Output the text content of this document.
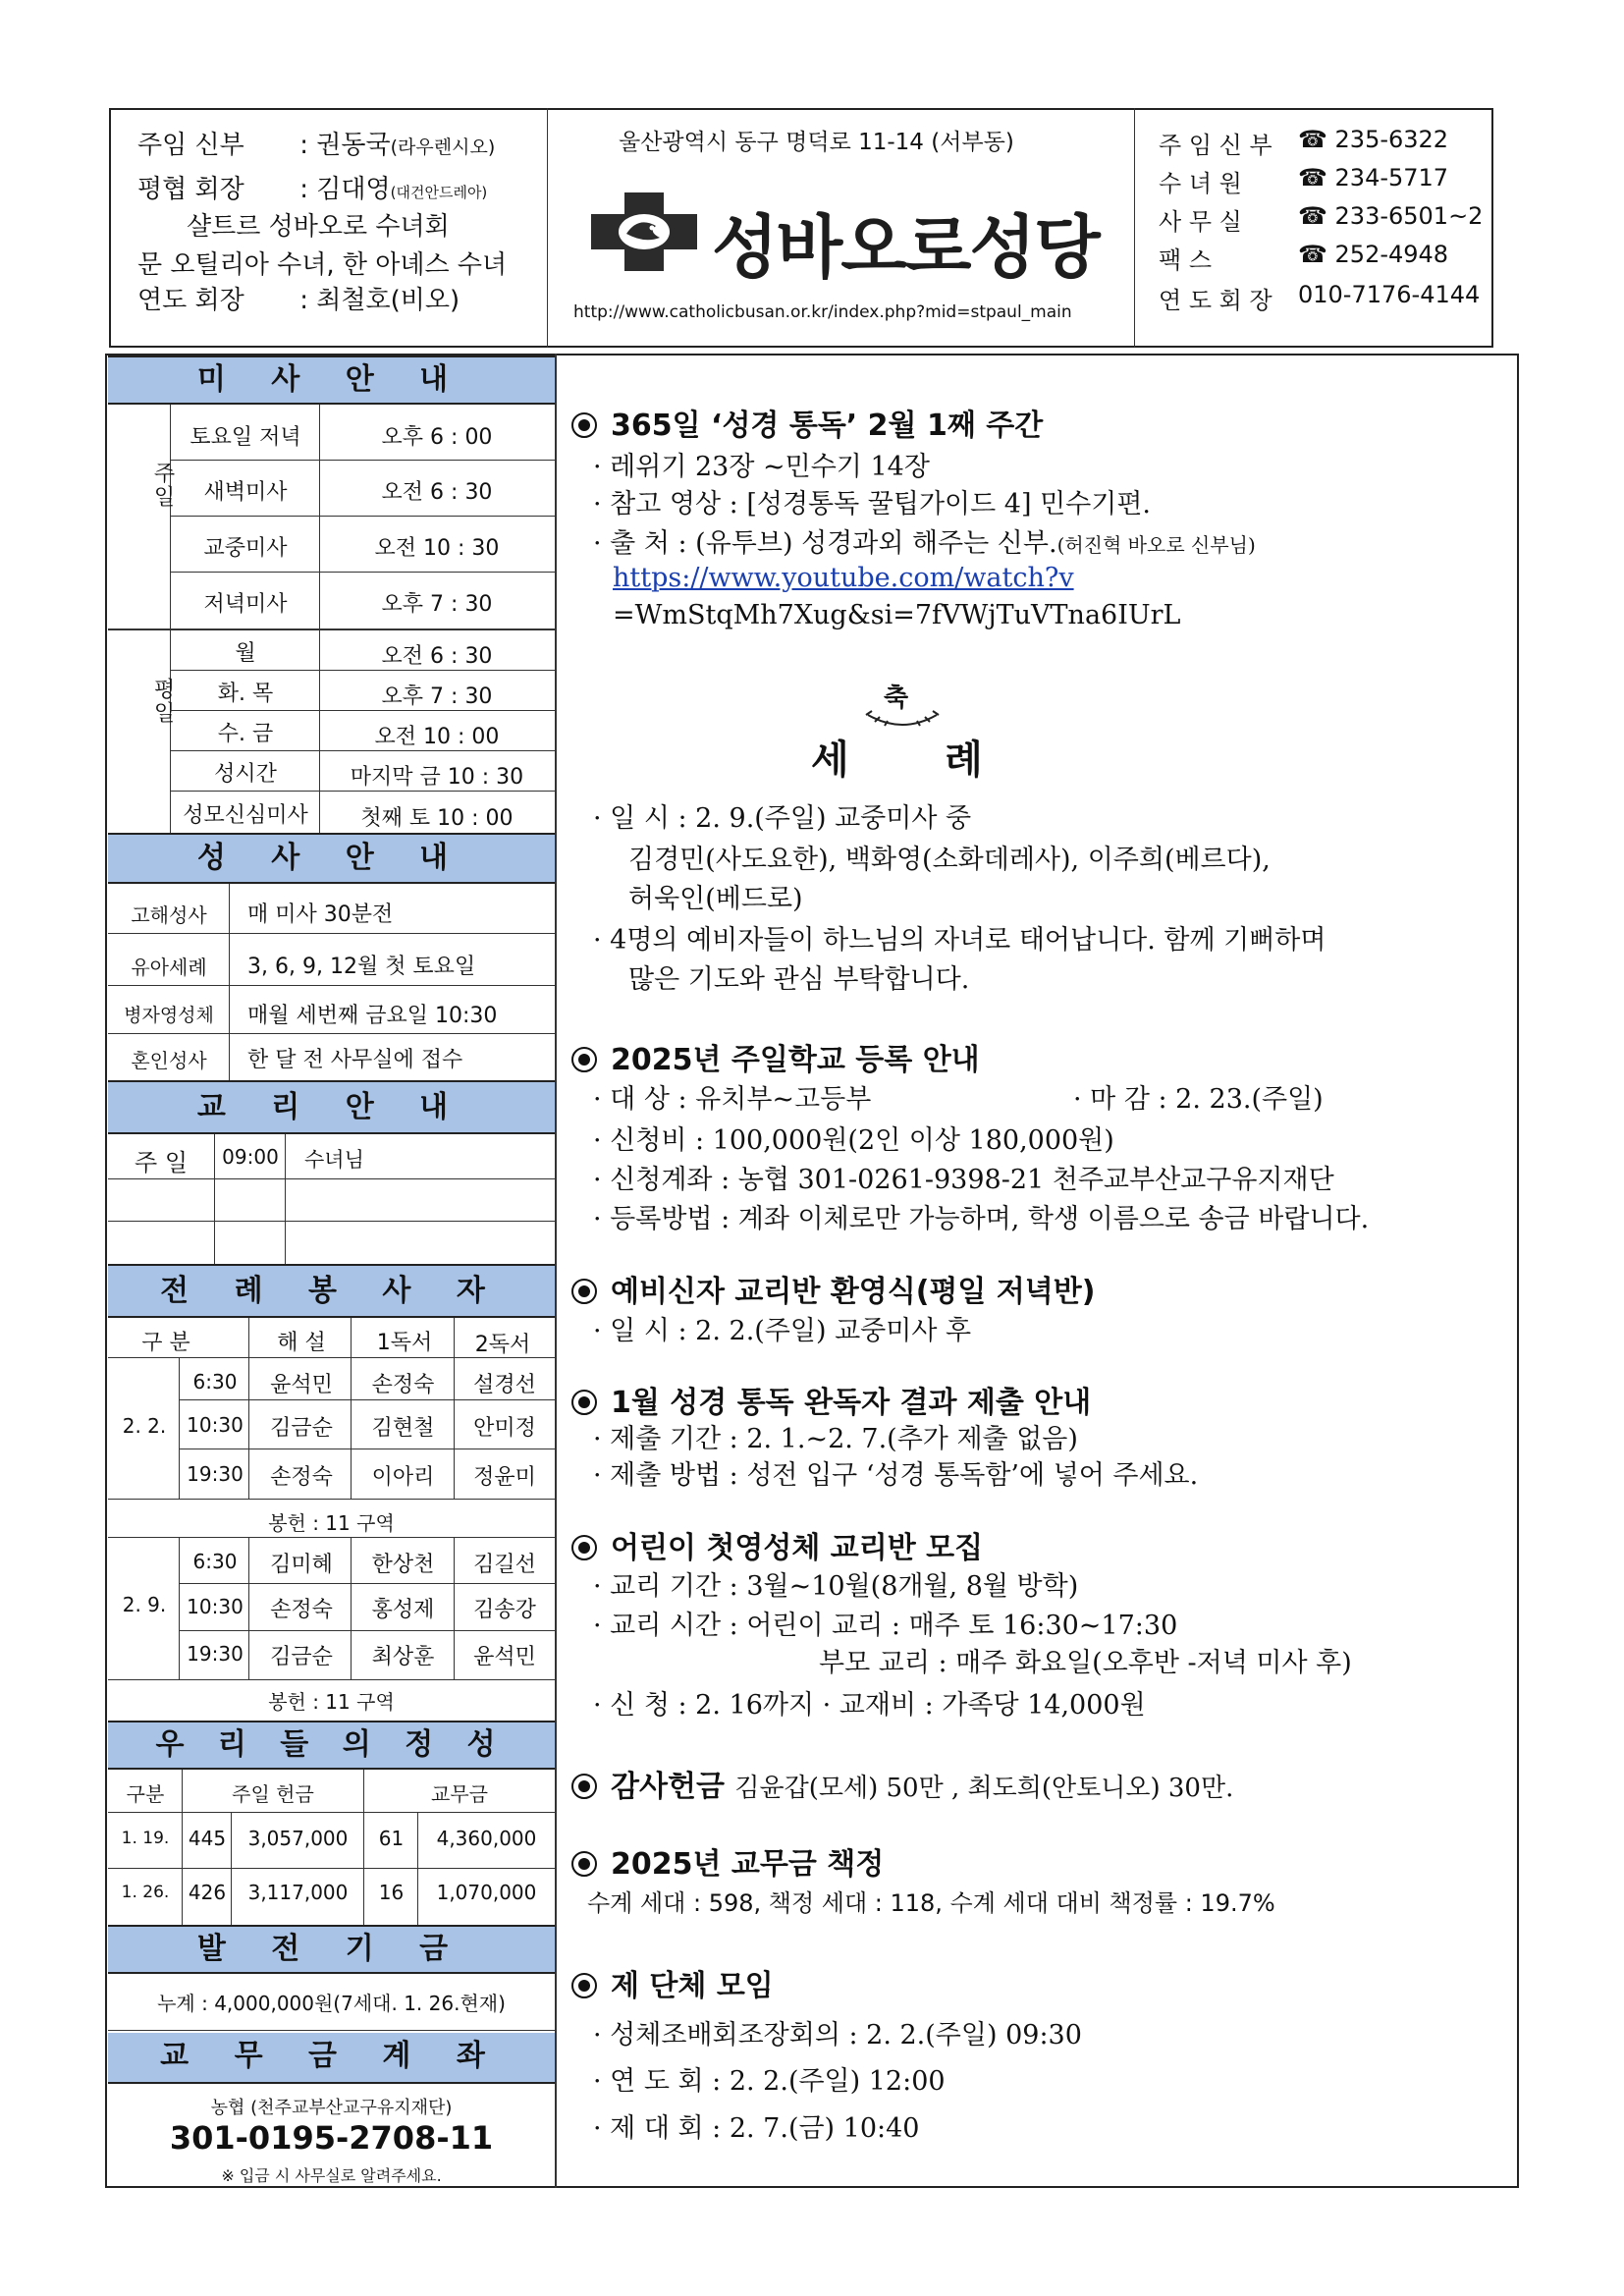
주임 신부 : 권동국(라우렌시오)
평협 회장 : 김대영(대건안드레아)
샬트르 성바오로 수녀회
문 오틸리아 수녀, 한 아녜스 수녀
연도 회장 : 최철호(비오)
울산광역시 동구 명덕로 11-14 (서부동)
성바오로성당
http://www.catholicbusan.or.kr/index.php?mid=stpaul_main
주 임 신 부 ☎ 235-6322
수 녀 원 ☎ 234-5717
사 무 실 ☎ 233-6501~2
팩 스	☎ 252-4948
연 도 회 장 010-7176-4144
미 사 안 내
주일
토요일 저녁	오후 6 : 00
새벽미사	오전 6 : 30
교중미사	오전 10 : 30
저녁미사	오후 7 : 30
평일
월	오전 6 : 30
화. 목	오후 7 : 30
수. 금	오전 10 : 00
성시간	마지막 금 10 : 30
성모신심미사	첫째 토 10 : 00
성 사 안 내
고해성사	매 미사 30분전
유아세례	3, 6, 9, 12월 첫 토요일
병자영성체	매월 세번째 금요일 10:30
혼인성사	한 달 전 사무실에 접수
교 리 안 내
주 일	09:00 수녀님
전 례 봉 사 자
구 분	해 설	1독서	2독서
2. 2.
6:30	윤석민	손정숙	설경선
10:30	김금순	김현철	안미정
19:30	손정숙	이아리	정윤미
봉헌 : 11 구역
2. 9.
6:30	김미혜	한상천	김길선
10:30	손정숙	홍성제	김송강
19:30	김금순	최상훈	윤석민
봉헌 : 11 구역
우 리 들 의 정 성
구분	주일 헌금	교무금
1. 19. 445	3,057,000	61	4,360,000
1. 26. 426	3,117,000	16	1,070,000
발 전 기 금
누계 : 4,000,000원(7세대. 1. 26.현재)
교 무 금 계 좌
농협 (천주교부산교구유지재단)
301-0195-2708-11
※ 입금 시 사무실로 알려주세요.
365일 ‘성경 통독’ 2월 1째 주간
· 레위기 23장 ~민수기 14장
· 참고 영상 : [성경통독 꿀팁가이드 4] 민수기편.
· 출 처 : (유투브) 성경과외 해주는 신부.(허진혁 바오로 신부님)
https://www.youtube.com/watch?v
=WmStqMh7Xug&si=7fVWjTuVTna6IUrL
축
세       례
· 일 시 : 2. 9.(주일) 교중미사 중
김경민(사도요한), 백화영(소화데레사), 이주희(베르다),
허욱인(베드로)
· 4명의 예비자들이 하느님의 자녀로 태어납니다. 함께 기뻐하며
많은 기도와 관심 부탁합니다.
2025년 주일학교 등록 안내
· 대 상 : 유치부~고등부	· 마 감 : 2. 23.(주일)
· 신청비 : 100,000원(2인 이상 180,000원)
· 신청계좌 : 농협 301-0261-9398-21 천주교부산교구유지재단
· 등록방법 : 계좌 이체로만 가능하며, 학생 이름으로 송금 바랍니다.
예비신자 교리반 환영식(평일 저녁반)
· 일 시 : 2. 2.(주일) 교중미사 후
1월 성경 통독 완독자 결과 제출 안내
· 제출 기간 : 2. 1.~2. 7.(추가 제출 없음)
· 제출 방법 : 성전 입구 ‘성경 통독함’에 넣어 주세요.
어린이 첫영성체 교리반 모집
· 교리 기간 : 3월~10월(8개월, 8월 방학)
· 교리 시간 : 어린이 교리 : 매주 토 16:30~17:30
부모 교리 : 매주 화요일(오후반 -저녁 미사 후)
· 신 청 : 2. 16까지 · 교재비 : 가족당 14,000원
감사헌금 김윤갑(모세) 50만 , 최도희(안토니오) 30만.
2025년 교무금 책정
수계 세대 : 598, 책정 세대 : 118, 수계 세대 대비 책정률 : 19.7%
제 단체 모임
· 성체조배회조장회의 : 2. 2.(주일) 09:30
· 연 도 회 : 2. 2.(주일) 12:00
· 제 대 회 : 2. 7.(금) 10:40
